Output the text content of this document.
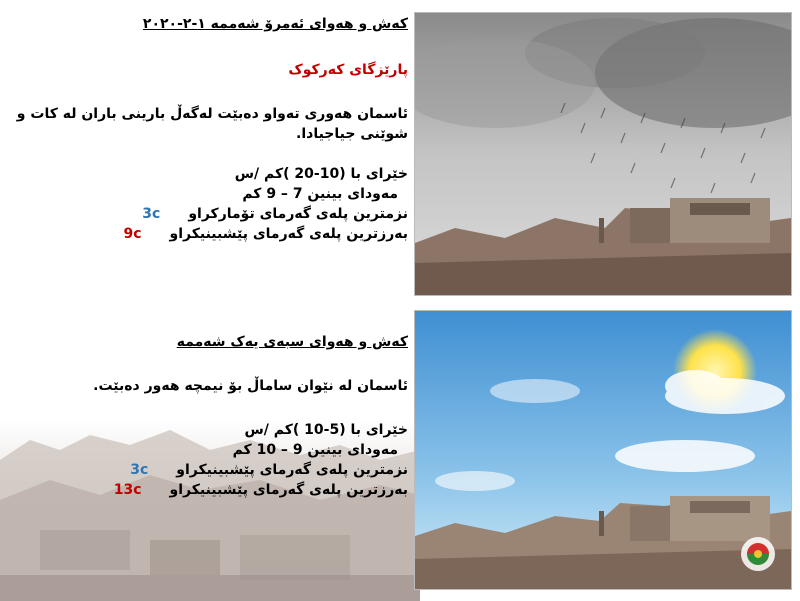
کەش و هەوای ئەمرۆ شەممە ١-٢-٢٠٢٠
پارێزگای کەرکوک
ئاسمان هەوری تەواو دەبێت لەگەڵ بارینی باران لە کات و شوێنی جیاجیادا.
خێرای با (10-20 )کم /س
مەودای بینین 7 – 9 کم
نزمترین پلەی گەرمای تۆمارکراو
3c
بەرزترین پلەی گەرمای پێشبینیکراو
9c
کەش و هەوای سبەی یەک شەممە
ئاسمان لە نێوان ساماڵ بۆ نیمچە هەور دەبێت.
خێرای با (5-10 )کم /س
مەودای بینین 9 – 10 کم
نزمترین پلەی گەرمای پێشبینیکراو
3c
بەرزترین پلەی گەرمای پێشبینیکراو
13c
